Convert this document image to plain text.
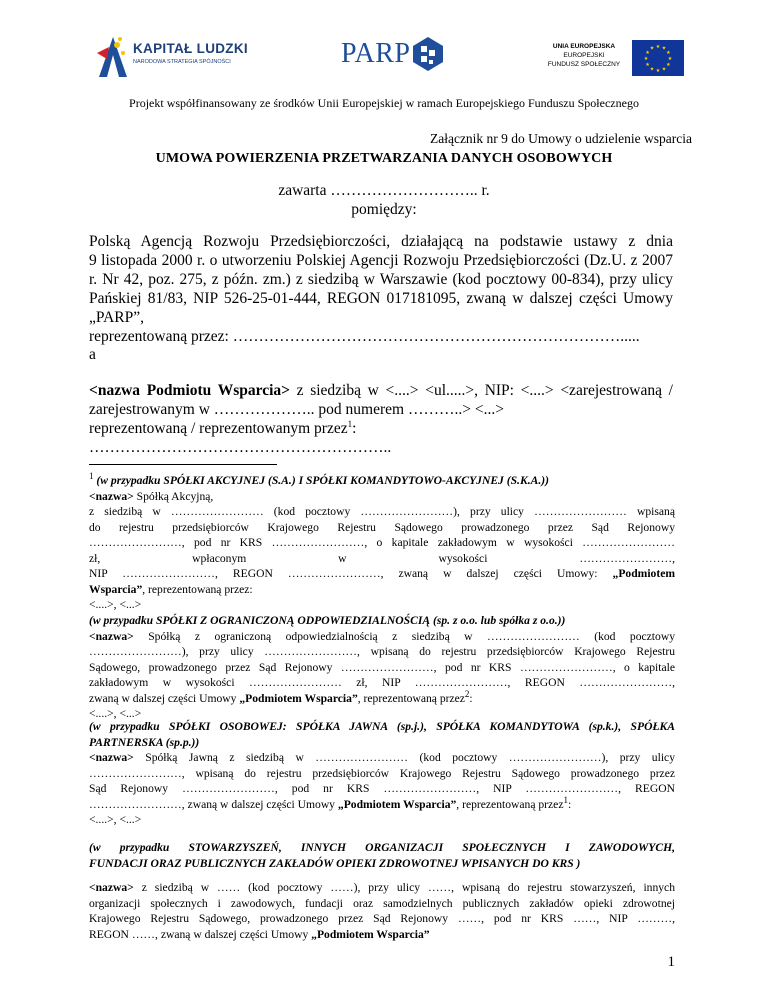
KAPITAŁ LUDZKI
NARODOWA STRATEGIA SPÓJNOŚCI	PARP	UNIA EUROPEJSKA
EUROPEJSKI
FUNDUSZ SPOŁECZNY
★ ★
★
★
★
★
★
★
★
★
★
★
Projekt współfinansowany ze środków Unii Europejskiej w ramach Europejskiego Funduszu Społecznego
Załącznik nr 9 do Umowy o udzielenie wsparcia
UMOWA POWIERZENIA PRZETWARZANIA DANYCH OSOBOWYCH
zawarta ……………………….. r.
pomiędzy:

Polską Agencją Rozwoju Przedsiębiorczości, działającą na podstawie ustawy z dnia

9 listopada 2000 r. o utworzeniu Polskiej Agencji Rozwoju Przedsiębiorczości (Dz.U. z 2007

r. Nr 42, poz. 275, z późn. zm.) z siedzibą w Warszawie (kod pocztowy 00-834), przy ulicy

Pańskiej 81/83, NIP 526-25-01-444, REGON 017181095, zwaną w dalszej części Umowy

„PARP”,

reprezentowaną przez: ………………………………………………………………….....

a

<nazwa Podmiotu Wsparcia> z siedzibą w <....> <ul.....>, NIP: <....> <zarejestrowaną /

zarejestrowanym w ……………….. pod numerem ………..> <...>

reprezentowaną / reprezentowanym przez$^1$:

…………………………………………………..

$^1$ (w przypadku SPÓŁKI AKCYJNEJ (S.A.) I SPÓŁKI KOMANDYTOWO-AKCYJNEJ (S.K.A.))

<nazwa> Spółką Akcyjną,

z siedzibą w …………………… (kod pocztowy ……………………), przy ulicy …………………… wpisaną

do rejestru przedsiębiorców Krajowego Rejestru Sądowego prowadzonego przez Sąd Rejonowy

……………………, pod nr KRS ……………………, o kapitale zakładowym w wysokości ……………………

zł, wpłaconym w wysokości ……………………,

NIP ……………………, REGON ……………………, zwaną w dalszej części Umowy: „Podmiotem

Wsparcia”, reprezentowaną przez:

<....>, <...>

(w przypadku SPÓŁKI Z OGRANICZONĄ ODPOWIEDZIALNOŚCIĄ (sp. z o.o. lub spółka z o.o.))

<nazwa> Spółką z ograniczoną odpowiedzialnością z siedzibą w …………………… (kod pocztowy

……………………), przy ulicy ……………………, wpisaną do rejestru przedsiębiorców Krajowego Rejestru

Sądowego, prowadzonego przez Sąd Rejonowy ……………………, pod nr KRS ……………………, o kapitale

zakładowym w wysokości …………………… zł, NIP ……………………, REGON ……………………,

zwaną w dalszej części Umowy „Podmiotem Wsparcia”, reprezentowaną przez$^2$:

<....>, <...>

(w przypadku SPÓŁKI OSOBOWEJ: SPÓŁKA JAWNA (sp.j.), SPÓŁKA KOMANDYTOWA (sp.k.), SPÓŁKA

PARTNERSKA (sp.p.))

<nazwa> Spółką Jawną z siedzibą w …………………… (kod pocztowy ……………………), przy ulicy

……………………, wpisaną do rejestru przedsiębiorców Krajowego Rejestru Sądowego prowadzonego przez

Sąd Rejonowy ……………………, pod nr KRS ……………………, NIP ……………………, REGON

……………………, zwaną w dalszej części Umowy „Podmiotem Wsparcia”, reprezentowaną przez$^1$:

<....>, <...>

(w przypadku STOWARZYSZEŃ, INNYCH ORGANIZACJI SPOŁECZNYCH I ZAWODOWYCH,

FUNDACJI ORAZ PUBLICZNYCH ZAKŁADÓW OPIEKI ZDROWOTNEJ WPISANYCH DO KRS )

<nazwa> z siedzibą w …… (kod pocztowy ……), przy ulicy ……, wpisaną do rejestru stowarzyszeń, innych

organizacji społecznych i zawodowych, fundacji oraz samodzielnych publicznych zakładów opieki zdrowotnej

Krajowego Rejestru Sądowego, prowadzonego przez Sąd Rejonowy ……, pod nr KRS ……, NIP ………,

REGON ……, zwaną w dalszej części Umowy „Podmiotem Wsparcia”

1
